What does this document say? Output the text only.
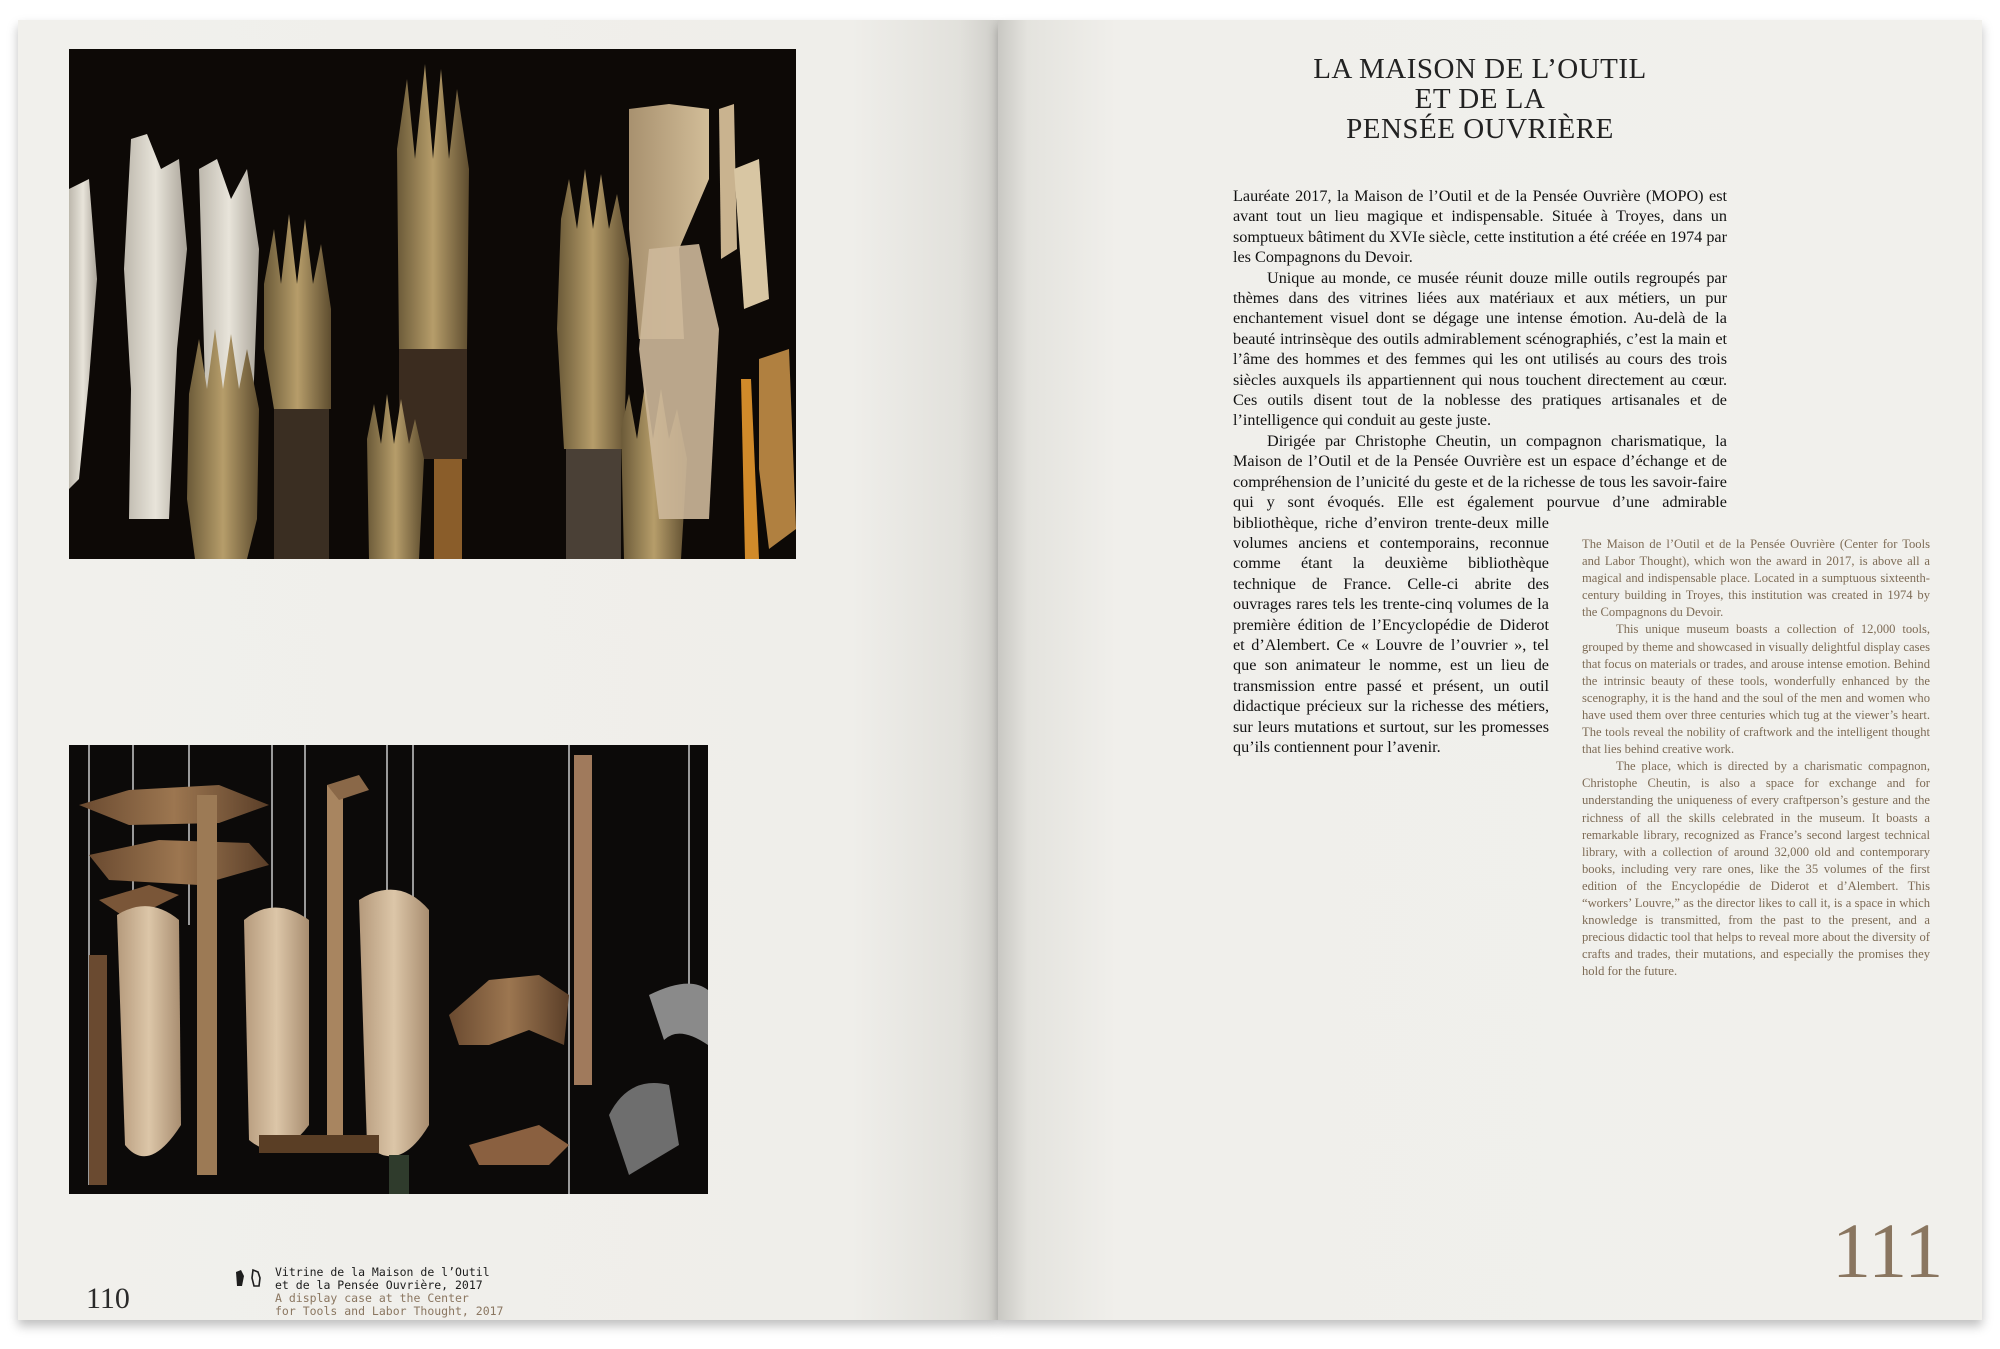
110
Vitrine de la Maison de l’Outil
et de la Pensée Ouvrière, 2017
A display case at the Center
for Tools and Labor Thought, 2017
LA MAISON DE L’OUTIL
ET DE LA
PENSÉE OUVRIÈRE

Lauréate 2017, la Maison de l’Outil et de la Pensée Ouvrière (MOPO) est avant tout un lieu magique et indispensable. Située à Troyes, dans un somptueux bâtiment du XVIe siècle, cette institution a été créée en 1974 par les Compagnons du Devoir.

Unique au monde, ce musée réunit douze mille outils regroupés par thèmes dans des vitrines liées aux matériaux et aux métiers, un pur enchantement visuel dont se dégage une intense émotion. Au-delà de la beauté intrinsèque des outils admirablement scénographiés, c’est la main et l’âme des hommes et des femmes qui les ont utilisés au cours des trois siècles auxquels ils appartiennent qui nous touchent directement au cœur. Ces outils disent tout de la noblesse des pratiques artisanales et de l’intelligence qui conduit au geste juste.

Dirigée par Christophe Cheutin, un compagnon charismatique, la Maison de l’Outil et de la Pensée Ouvrière est un espace d’échange et de compréhension de l’unicité du geste et de la richesse de tous les savoir-faire qui y sont évoqués. Elle est également pourvue d’une admirable bibliothèque, riche d’environ trente-deux mille volumes anciens et contemporains, reconnue comme étant la deuxième bibliothèque technique de France. Celle-ci abrite des ouvrages rares tels les trente-cinq volumes de la première édition de l’Encyclopédie de Diderot et d’Alembert. Ce « Louvre de l’ouvrier », tel que son animateur le nomme, est un lieu de transmission entre passé et présent, un outil didactique précieux sur la richesse des métiers, sur leurs mutations et surtout, sur les promesses qu’ils contiennent pour l’avenir.

The Maison de l’Outil et de la Pensée Ouvrière (Center for Tools and Labor Thought), which won the award in 2017, is above all a magical and indispensable place. Located in a sumptuous sixteenth-century building in Troyes, this institution was created in 1974 by the Compagnons du Devoir.

This unique museum boasts a collection of 12,000 tools, grouped by theme and showcased in visually delightful display cases that focus on materials or trades, and arouse intense emotion. Behind the intrinsic beauty of these tools, wonderfully enhanced by the scenography, it is the hand and the soul of the men and women who have used them over three centuries which tug at the viewer’s heart. The tools reveal the nobility of craftwork and the intelligent thought that lies behind creative work.

The place, which is directed by a charismatic compagnon, Christophe Cheutin, is also a space for exchange and for understanding the uniqueness of every craftperson’s gesture and the richness of all the skills celebrated in the museum. It boasts a remarkable library, recognized as France’s second largest technical library, with a collection of around 32,000 old and contemporary books, including very rare ones, like the 35 volumes of the first edition of the Encyclopédie de Diderot et d’Alembert. This “workers’ Louvre,” as the director likes to call it, is a space in which knowledge is transmitted, from the past to the present, and a precious didactic tool that helps to reveal more about the diversity of crafts and trades, their mutations, and especially the promises they hold for the future.

111
